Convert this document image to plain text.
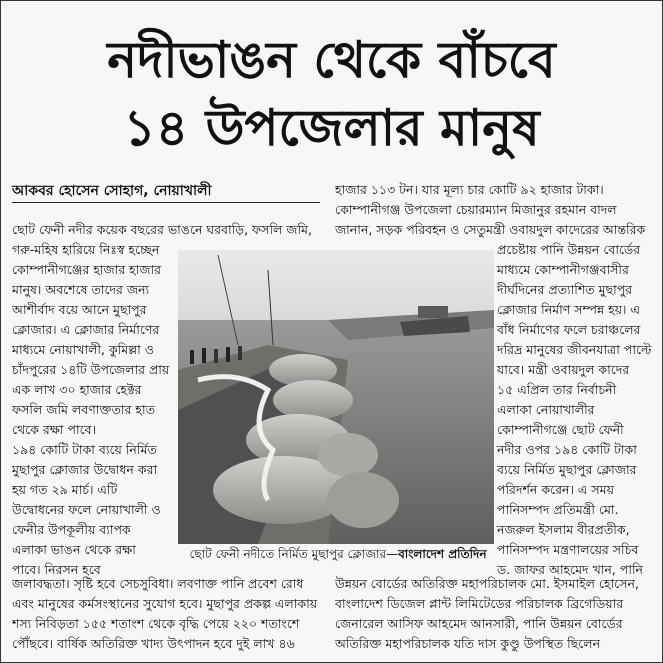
নদীভাঙন থেকে বাঁচবে
১৪ উপজেলার মানুষ
আকবর হোসেন সোহাগ, নোয়াখালী

ছোট ফেনী নদীর কয়েক বছরের ভাঙনে ঘরবাড়ি, ফসলি জমি,

গরু-মহিষ হারিয়ে নিঃস্ব হচ্ছেন

কোম্পানীগঞ্জের হাজার হাজার

মানুষ। অবশেষে তাদের জন্য

আশীর্বাদ বয়ে আনে মুছাপুর

ক্লোজার। এ ক্লোজার নির্মাণের

মাধ্যমে নোয়াখালী, কুমিল্লা ও

চাঁদপুরের ১৪টি উপজেলার প্রায়

এক লাখ ৩০ হাজার হেক্টর

ফসলি জমি লবণাক্ততার হাত

থেকে রক্ষা পাবে।

১৯৪ কোটি টাকা ব্যয়ে নির্মিত

মুছাপুর ক্লোজার উদ্বোধন করা

হয় গত ২৯ মার্চ। এটি

উদ্বোধনের ফলে নোয়াখালী ও

ফেনীর উপকূলীয় ব্যাপক

এলাকা ভাঙন থেকে রক্ষা

পাবে। নিরসন হবে

হাজার ১১৩ টন। যার মূল্য চার কোটি ৯২ হাজার টাকা।

কোম্পানীগঞ্জ উপজেলা চেয়ারম্যান মিজানুর রহমান বাদল

জানান, সড়ক পরিবহন ও সেতুমন্ত্রী ওবায়দুল কাদেরের আন্তরিক

প্রচেষ্টায় পানি উন্নয়ন বোর্ডের

মাধ্যমে কোম্পানীগঞ্জবাসীর

দীর্ঘদিনের প্রত্যাশিত মুছাপুর

ক্লোজার নির্মাণ সম্পন্ন হয়। এ

বাঁধ নির্মাণের ফলে চরাঞ্চলের

দরিদ্র মানুষের জীবনযাত্রা পাল্টে

যাবে। মন্ত্রী ওবায়দুল কাদের

১৫ এপ্রিল তার নির্বাচনী

এলাকা নোয়াখালীর

কোম্পানীগঞ্জে ছোট ফেনী

নদীর ওপর ১৯৪ কোটি টাকা

ব্যয়ে নির্মিত মুছাপুর ক্লোজার

পরিদর্শন করেন। এ সময়

পানিসম্পদ প্রতিমন্ত্রী মো.

নজরুল ইসলাম বীরপ্রতীক,

পানিসম্পদ মন্ত্রণালয়ের সচিব

ড. জাফর আহমেদ খান, পানি

ছোট ফেনী নদীতে নির্মিত মুছাপুর ক্লোজার—বাংলাদেশ প্রতিদিন

জলাবদ্ধতা। সৃষ্টি হবে সেচসুবিধা। লবণাক্ত পানি প্রবেশ রোধ

এবং মানুষের কর্মসংস্থানের সুযোগ হবে। মুছাপুর প্রকল্প এলাকায়

শস্য নিবিড়তা ১৫৫ শতাংশ থেকে বৃদ্ধি পেয়ে ২২০ শতাংশে

পৌঁছবে। বার্ষিক অতিরিক্ত খাদ্য উৎপাদন হবে দুই লাখ ৪৬

উন্নয়ন বোর্ডের অতিরিক্ত মহাপরিচালক মো. ইসমাইল হোসেন,

বাংলাদেশ ডিজেল প্লান্ট লিমিটেডের পরিচালক ব্রিগেডিয়ার

জেনারেল আসিফ আহমেদ আনসারী, পানি উন্নয়ন বোর্ডের

অতিরিক্ত মহাপরিচালক যতি দাস কুণ্ডু উপস্থিত ছিলেন
